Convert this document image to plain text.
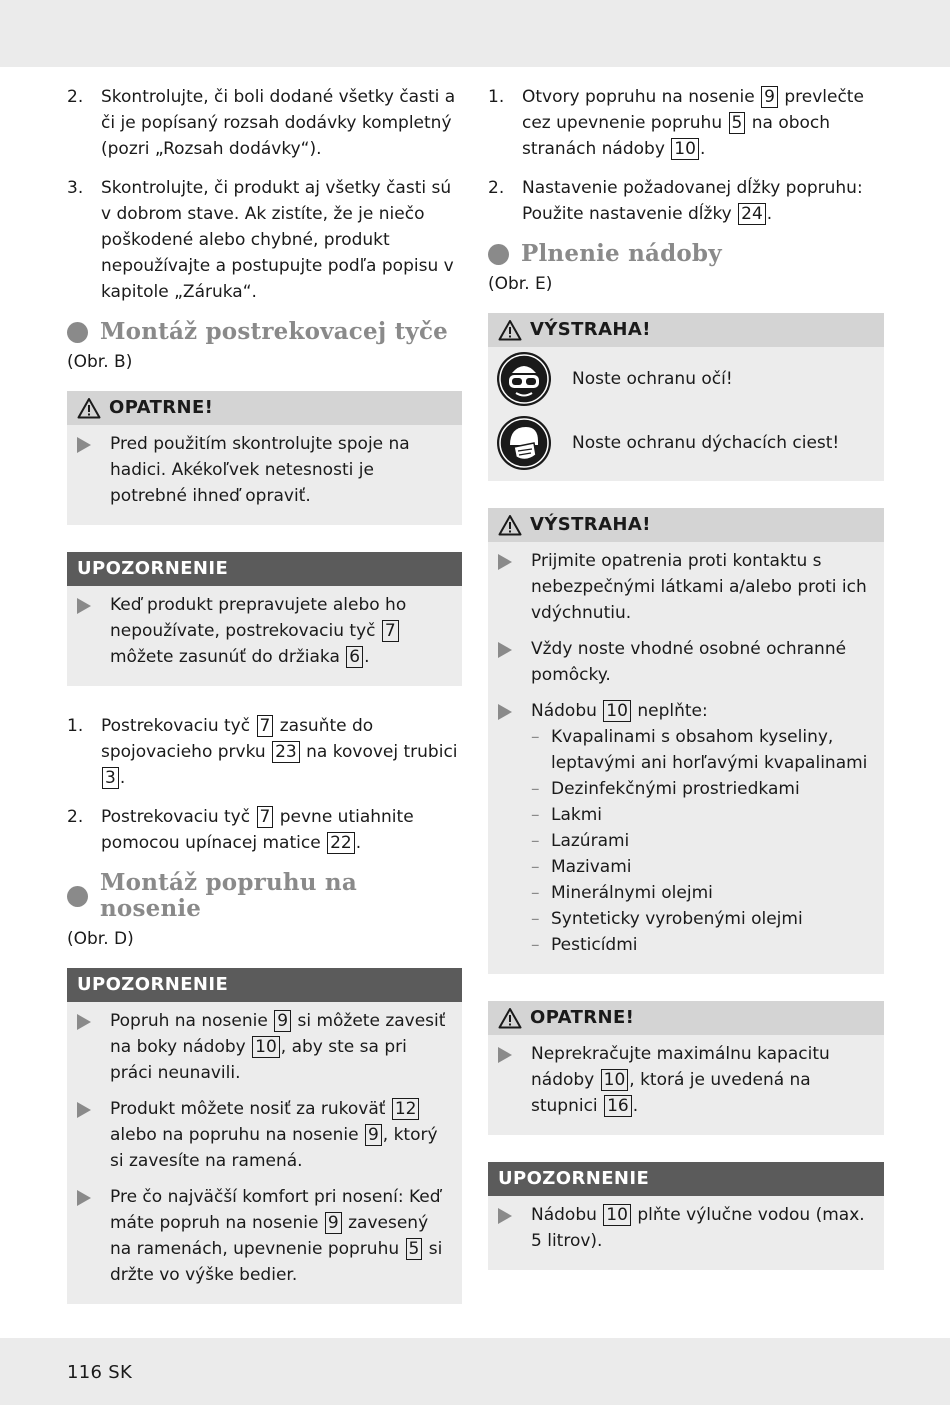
2. Skontrolujte, či boli dodané všetky časti a či je popísaný rozsah dodávky kompletný (pozri „Rozsah dodávky“).
3. Skontrolujte, či produkt aj všetky časti sú v dobrom stave. Ak zistíte, že je niečo poškodené alebo chybné, produkt nepoužívajte a postupujte podľa popisu v kapitole „Záruka“.
Montáž postrekovacej tyče
(Obr. B)
OPATRNE!
Pred použitím skontrolujte spoje na hadici. Akékoľvek netesnosti je potrebné ihneď opraviť.
UPOZORNENIE
Keď produkt prepravujete alebo ho nepoužívate, postrekovaciu tyč 7 môžete zasunúť do držiaka 6 .
1. Postrekovaciu tyč 7 zasuňte do spojovacieho prvku 23 na kovovej trubici 3 .
2. Postrekovaciu tyč 7 pevne utiahnite pomocou upínacej matice 22 .
Montáž popruhu na nosenie
(Obr. D)
UPOZORNENIE
Popruh na nosenie 9 si môžete zavesiť na boky nádoby 10 , aby ste sa pri práci neunavili.
Produkt môžete nosiť za rukoväť 12 alebo na popruhu na nosenie 9 , ktorý si zavesíte na ramená.
Pre čo najväčší komfort pri nosení: Keď máte popruh na nosenie 9 zavesený na ramenách, upevnenie popruhu 5 si držte vo výške bedier.
1. Otvory popruhu na nosenie 9 prevlečte cez upevnenie popruhu 5 na oboch stranách nádoby 10 .
2. Nastavenie požadovanej dĺžky popruhu: Použite nastavenie dĺžky 24 .
Plnenie nádoby
(Obr. E)
VÝSTRAHA!
Noste ochranu očí!
Noste ochranu dýchacích ciest!
VÝSTRAHA!
Prijmite opatrenia proti kontaktu s nebezpečnými látkami a/alebo proti ich vdýchnutiu.
Vždy noste vhodné osobné ochranné pomôcky.
Nádobu 10 neplňte:
– Kvapalinami s obsahom kyseliny, leptavými ani horľavými kvapalinami
– Dezinfekčnými prostriedkami
– Lakmi
– Lazúrami
– Mazivami
– Minerálnymi olejmi
– Synteticky vyrobenými olejmi
– Pesticídmi
OPATRNE!
Neprekračujte maximálnu kapacitu nádoby 10 , ktorá je uvedená na stupnici 16 .
UPOZORNENIE
Nádobu 10 plňte výlučne vodou (max. 5 litrov).
116 SK
